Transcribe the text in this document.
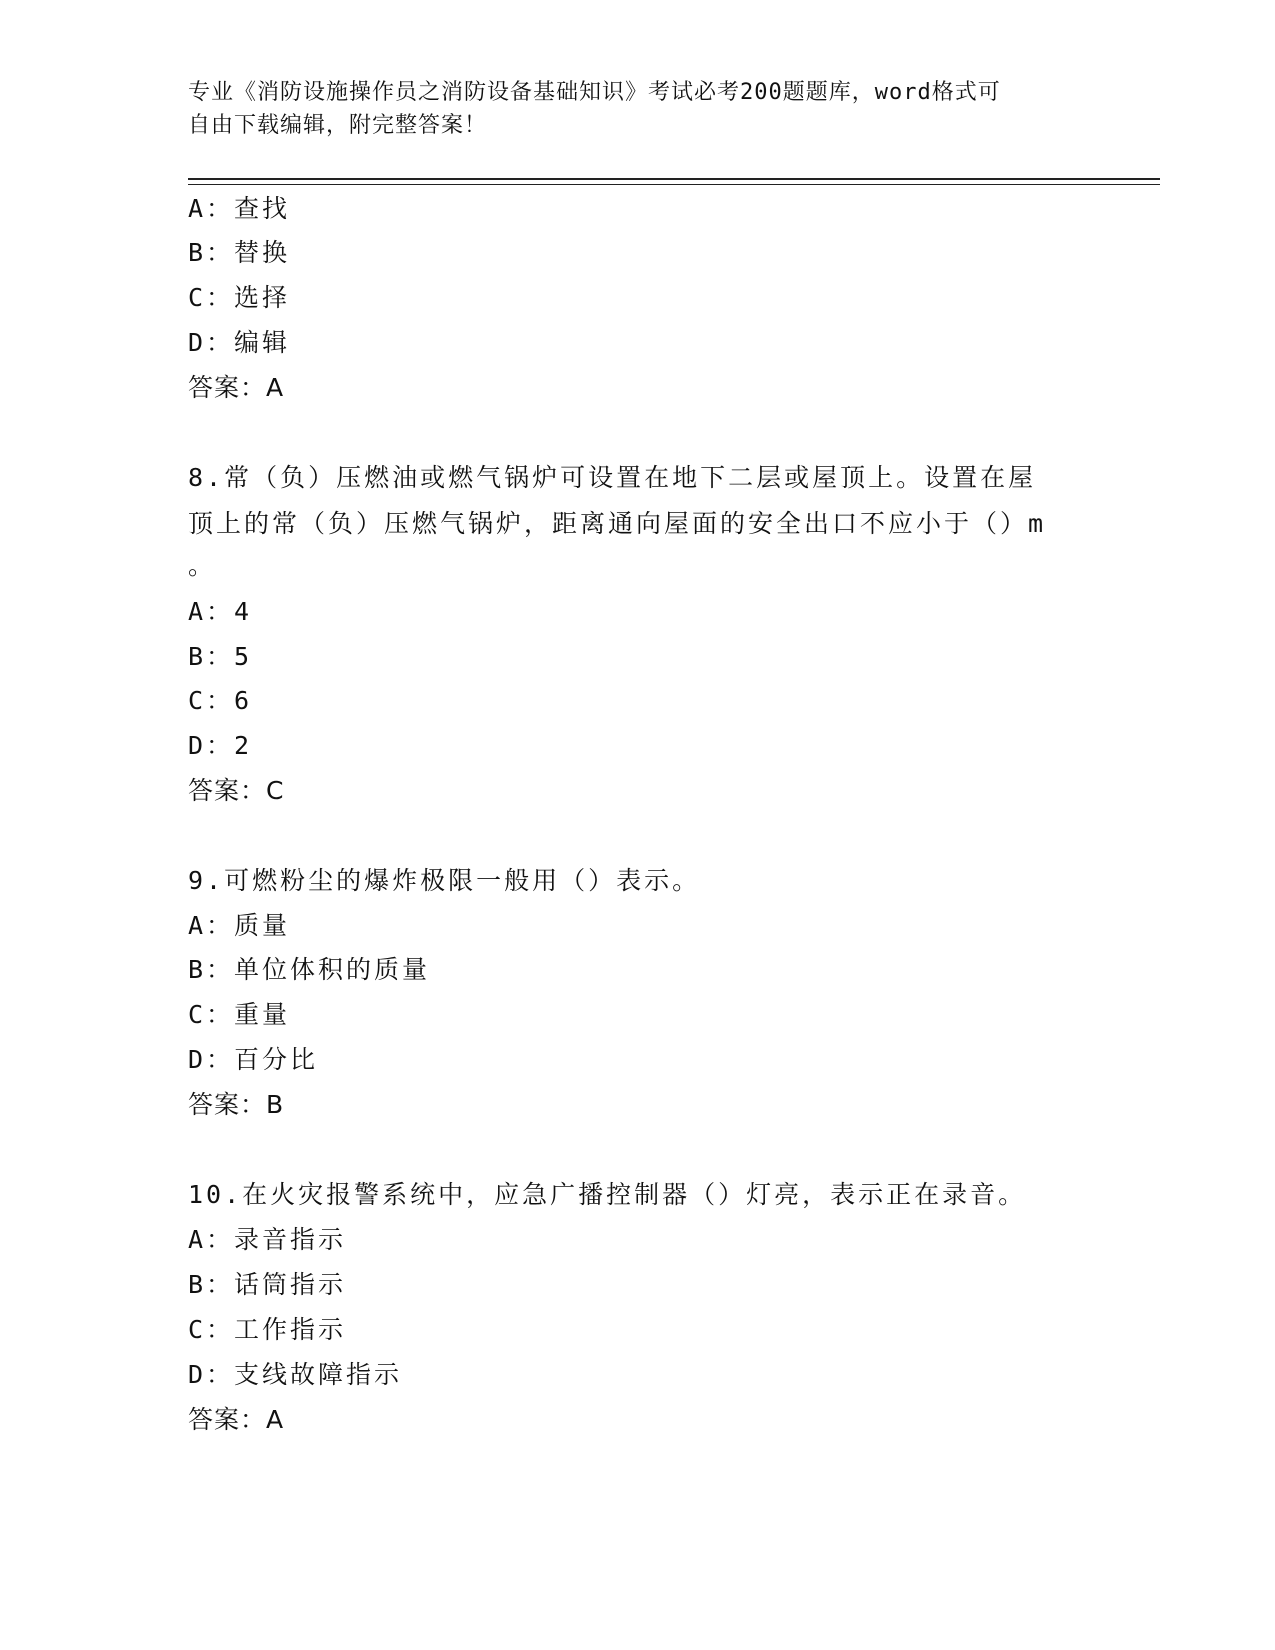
专业《消防设施操作员之消防设备基础知识》考试必考200题题库，word格式可
自由下载编辑，附完整答案！
A：查找
B：替换
C：选择
D：编辑
答案：A
8.常（负）压燃油或燃气锅炉可设置在地下二层或屋顶上。设置在屋
顶上的常（负）压燃气锅炉，距离通向屋面的安全出口不应小于（）m
。
A：4
B：5
C：6
D：2
答案：C
9.可燃粉尘的爆炸极限一般用（）表示。
A：质量
B：单位体积的质量
C：重量
D：百分比
答案：B
10.在火灾报警系统中，应急广播控制器（）灯亮，表示正在录音。
A：录音指示
B：话筒指示
C：工作指示
D：支线故障指示
答案：A
